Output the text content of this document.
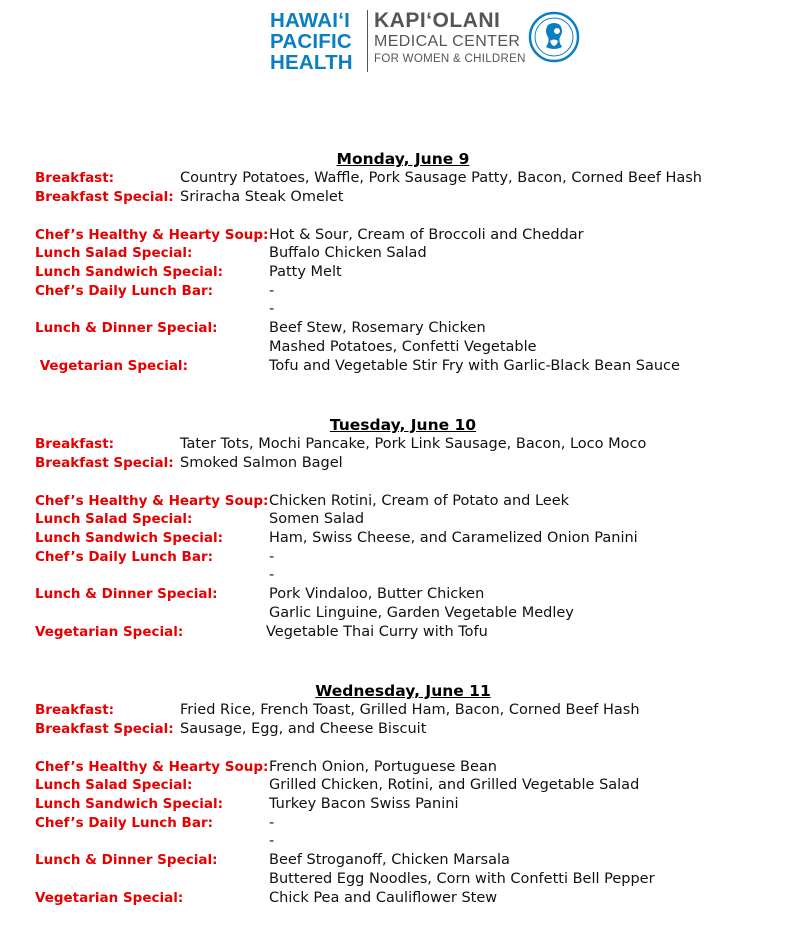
HAWAIʻI
PACIFIC
HEALTH
KAPIʻOLANI
MEDICAL CENTER
FOR WOMEN & CHILDREN
Monday, June 9
Breakfast:	Country Potatoes, Waffle, Pork Sausage Patty, Bacon, Corned Beef Hash
Breakfast Special: Sriracha Steak Omelet
Chef’s Healthy & Hearty Soup: Hot & Sour, Cream of Broccoli and Cheddar
Lunch Salad Special:	Buffalo Chicken Salad
Lunch Sandwich Special:	Patty Melt
Chef’s Daily Lunch Bar:	-
-
Lunch & Dinner Special:	Beef Stew, Rosemary Chicken
Mashed Potatoes, Confetti Vegetable
Vegetarian Special:	Tofu and Vegetable Stir Fry with Garlic-Black Bean Sauce
Tuesday, June 10
Breakfast:	Tater Tots, Mochi Pancake, Pork Link Sausage, Bacon, Loco Moco
Breakfast Special: Smoked Salmon Bagel
Chef’s Healthy & Hearty Soup: Chicken Rotini, Cream of Potato and Leek
Lunch Salad Special:	Somen Salad
Lunch Sandwich Special:	Ham, Swiss Cheese, and Caramelized Onion Panini
Chef’s Daily Lunch Bar:	-
-
Lunch & Dinner Special:	Pork Vindaloo, Butter Chicken
Garlic Linguine, Garden Vegetable Medley
Vegetarian Special:	Vegetable Thai Curry with Tofu
Wednesday, June 11
Breakfast:	Fried Rice, French Toast, Grilled Ham, Bacon, Corned Beef Hash
Breakfast Special: Sausage, Egg, and Cheese Biscuit
Chef’s Healthy & Hearty Soup: French Onion, Portuguese Bean
Lunch Salad Special:	Grilled Chicken, Rotini, and Grilled Vegetable Salad
Lunch Sandwich Special:	Turkey Bacon Swiss Panini
Chef’s Daily Lunch Bar:	-
-
Lunch & Dinner Special:	Beef Stroganoff, Chicken Marsala
Buttered Egg Noodles, Corn with Confetti Bell Pepper
Vegetarian Special:	Chick Pea and Cauliflower Stew
